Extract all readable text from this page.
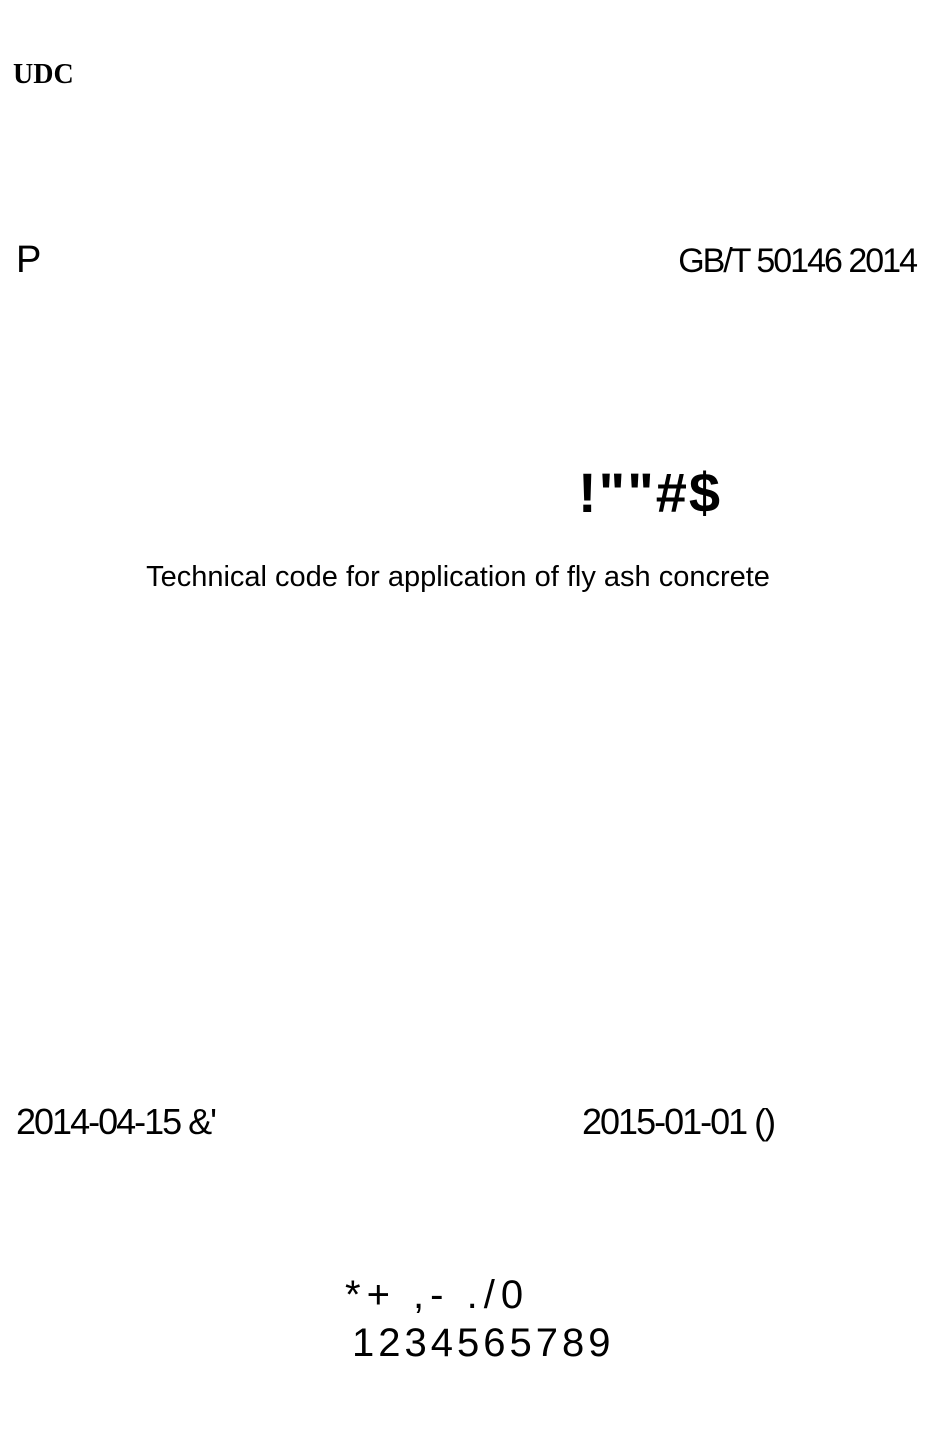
UDC
P	GB/T 50146 2014
!""#$
Technical code for application of fly ash concrete
2014-04-15 &'	2015-01-01 ()
*+ ,- ./0
1234565789
